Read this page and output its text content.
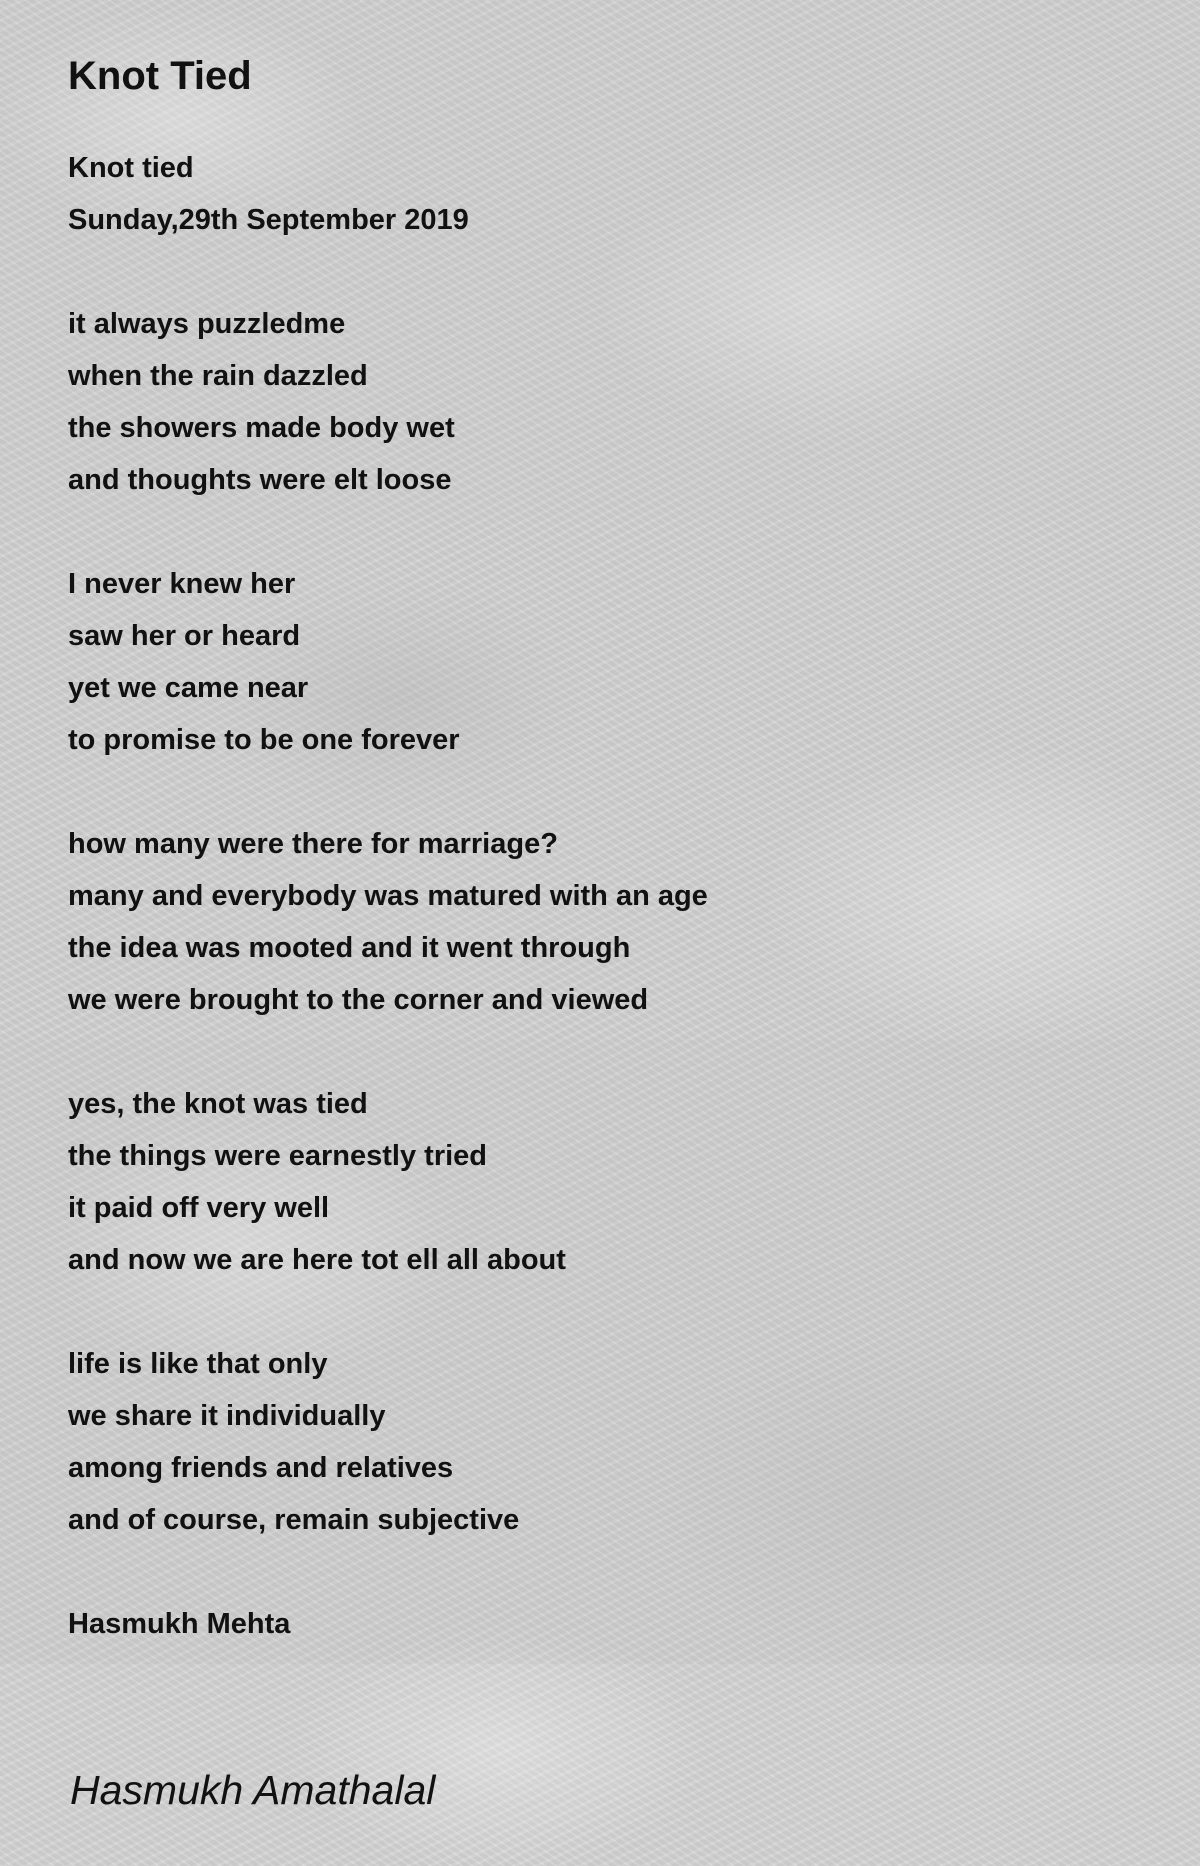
Knot Tied
Knot tied
Sunday,29th September 2019
it always puzzledme
when the rain dazzled
the showers made body wet
and thoughts were elt loose
I never knew her
saw her or heard
yet we came near
to promise to be one forever
how many were there for marriage?
many and everybody was matured with an age
the idea was mooted and it went through
we were brought to the corner and viewed
yes, the knot was tied
the things were earnestly tried
it paid off very well
and now we are here tot ell all about
life is like that only
we share it individually
among friends and relatives
and of course, remain subjective
Hasmukh Mehta
Hasmukh Amathalal
